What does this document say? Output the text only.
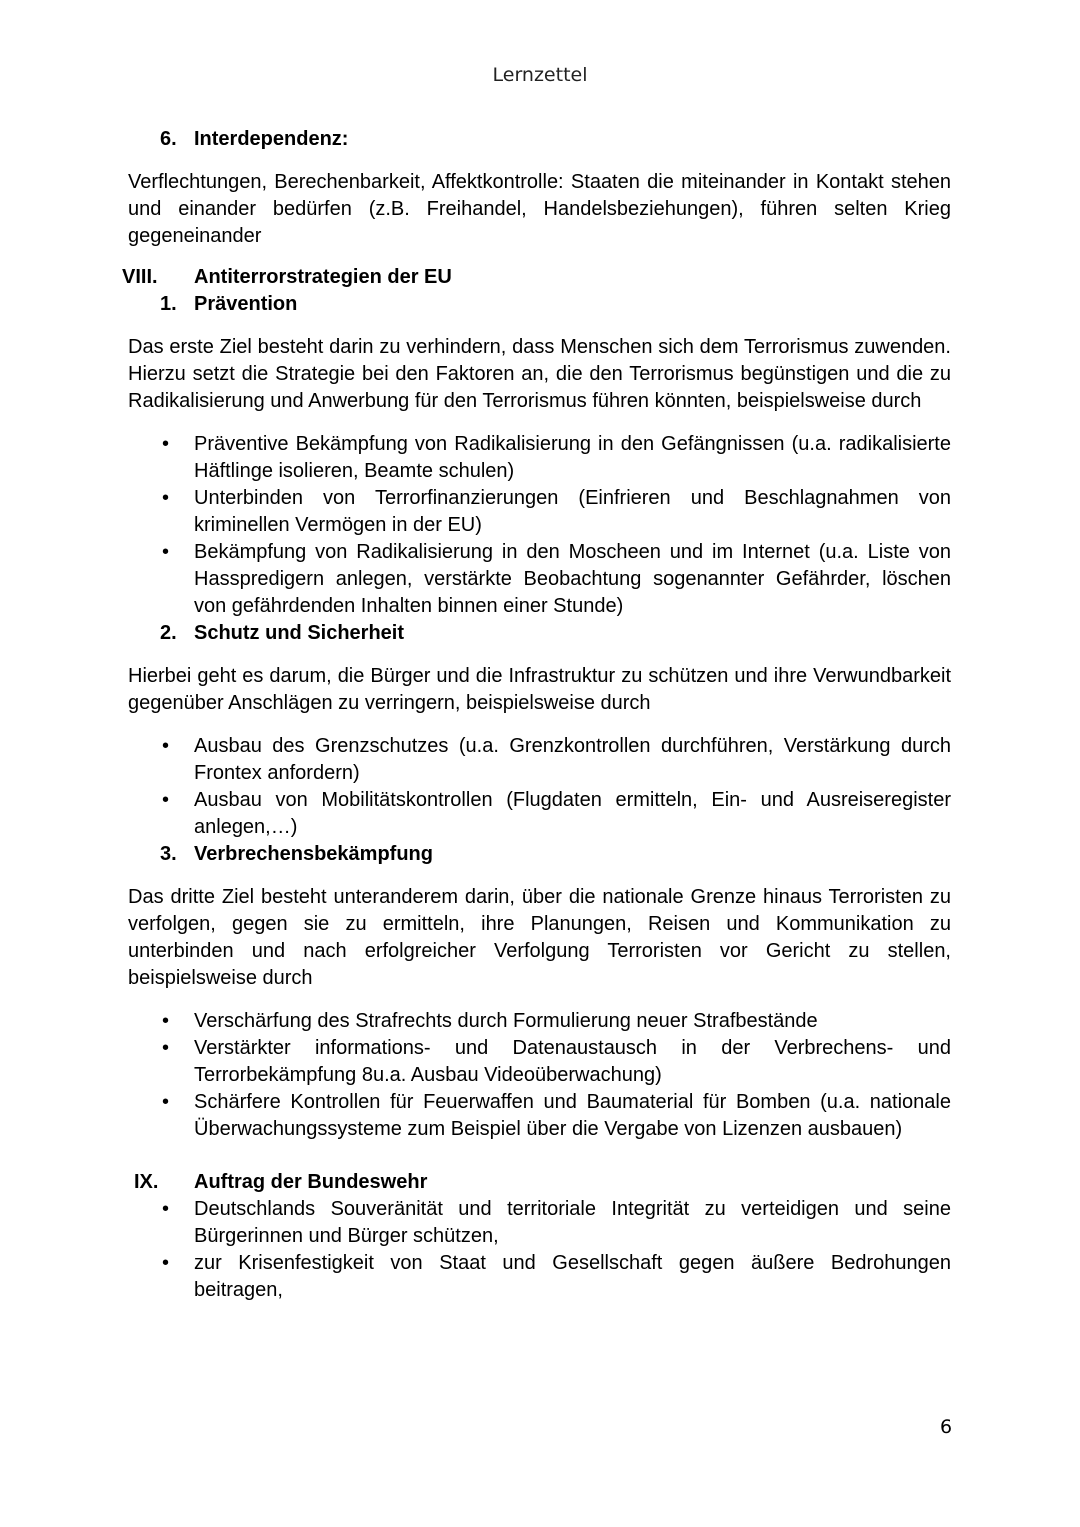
Lernzettel

6. Interdependenz:

Verflechtungen, Berechenbarkeit, Affektkontrolle: Staaten die miteinander in Kontakt stehen und einander bedürfen (z.B. Freihandel, Handelsbeziehungen), führen selten Krieg gegeneinander

VIII. Antiterrorstrategien der EU

1. Prävention

Das erste Ziel besteht darin zu verhindern, dass Menschen sich dem Terrorismus zuwenden. Hierzu setzt die Strategie bei den Faktoren an, die den Terrorismus begünstigen und die zu Radikalisierung und Anwerbung für den Terrorismus führen könnten, beispielsweise durch

• Präventive Bekämpfung von Radikalisierung in den Gefängnissen (u.a. radikalisierte Häftlinge isolieren, Beamte schulen)
• Unterbinden von Terrorfinanzierungen (Einfrieren und Beschlagnahmen von kriminellen Vermögen in der EU)
• Bekämpfung von Radikalisierung in den Moscheen und im Internet (u.a. Liste von Hasspredigern anlegen, verstärkte Beobachtung sogenannter Gefährder, löschen von gefährdenden Inhalten binnen einer Stunde)

2. Schutz und Sicherheit

Hierbei geht es darum, die Bürger und die Infrastruktur zu schützen und ihre Verwundbarkeit gegenüber Anschlägen zu verringern, beispielsweise durch

• Ausbau des Grenzschutzes (u.a. Grenzkontrollen durchführen, Verstärkung durch Frontex anfordern)
• Ausbau von Mobilitätskontrollen (Flugdaten ermitteln, Ein- und Ausreiseregister anlegen,…)

3. Verbrechensbekämpfung

Das dritte Ziel besteht unteranderem darin, über die nationale Grenze hinaus Terroristen zu verfolgen, gegen sie zu ermitteln, ihre Planungen, Reisen und Kommunikation zu unterbinden und nach erfolgreicher Verfolgung Terroristen vor Gericht zu stellen, beispielsweise durch

• Verschärfung des Strafrechts durch Formulierung neuer Strafbestände
• Verstärkter informations- und Datenaustausch in der Verbrechens- und Terrorbekämpfung 8u.a. Ausbau Videoüberwachung)
• Schärfere Kontrollen für Feuerwaffen und Baumaterial für Bomben (u.a. nationale Überwachungssysteme zum Beispiel über die Vergabe von Lizenzen ausbauen)

IX. Auftrag der Bundeswehr

• Deutschlands Souveränität und territoriale Integrität zu verteidigen und seine Bürgerinnen und Bürger schützen,
• zur Krisenfestigkeit von Staat und Gesellschaft gegen äußere Bedrohungen beitragen,
6
